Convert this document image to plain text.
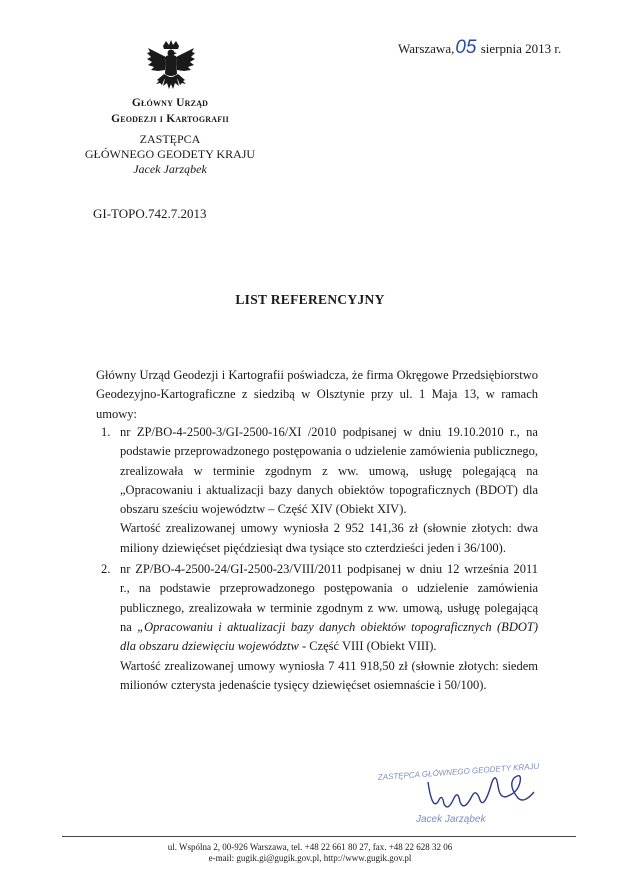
Warszawa,05 sierpnia 2013 r.
Główny Urząd
Geodezji i Kartografii
ZASTĘPCA
GŁÓWNEGO GEODETY KRAJU
Jacek Jarząbek
GI-TOPO.742.7.2013
LIST REFERENCYJNY
Główny Urząd Geodezji i Kartografii poświadcza, że firma Okręgowe Przedsiębiorstwo Geodezyjno-Kartograficzne z siedzibą w Olsztynie przy ul. 1 Maja 13, w ramach umowy:
1. nr ZP/BO-4-2500-3/GI-2500-16/XI /2010 podpisanej w dniu 19.10.2010 r., na podstawie przeprowadzonego postępowania o udzielenie zamówienia publicznego, zrealizowała w terminie zgodnym z ww. umową, usługę polegającą na „Opracowaniu i aktualizacji bazy danych obiektów topograficznych (BDOT) dla obszaru sześciu województw – Część XIV (Obiekt XIV).

Wartość zrealizowanej umowy wyniosła 2 952 141,36 zł (słownie złotych: dwa miliony dziewięćset pięćdziesiąt dwa tysiące sto czterdzieści jeden i 36/100).

2. nr ZP/BO-4-2500-24/GI-2500-23/VIII/2011 podpisanej w dniu 12 września 2011 r., na podstawie przeprowadzonego postępowania o udzielenie zamówienia publicznego, zrealizowała w terminie zgodnym z ww. umową, usługę polegającą na „Opracowaniu i aktualizacji bazy danych obiektów topograficznych (BDOT) dla obszaru dziewięciu województw - Część VIII (Obiekt VIII).

Wartość zrealizowanej umowy wyniosła 7 411 918,50 zł (słownie złotych: siedem milionów czterysta jedenaście tysięcy dziewięćset osiemnaście i 50/100).

ZASTĘPCA GŁÓWNEGO GEODETY KRAJU
Jacek Jarząbek
ul. Wspólna 2, 00-926 Warszawa, tel. +48 22 661 80 27, fax. +48 22 628 32 06
e-mail: gugik.gi@gugik.gov.pl, http://www.gugik.gov.pl
